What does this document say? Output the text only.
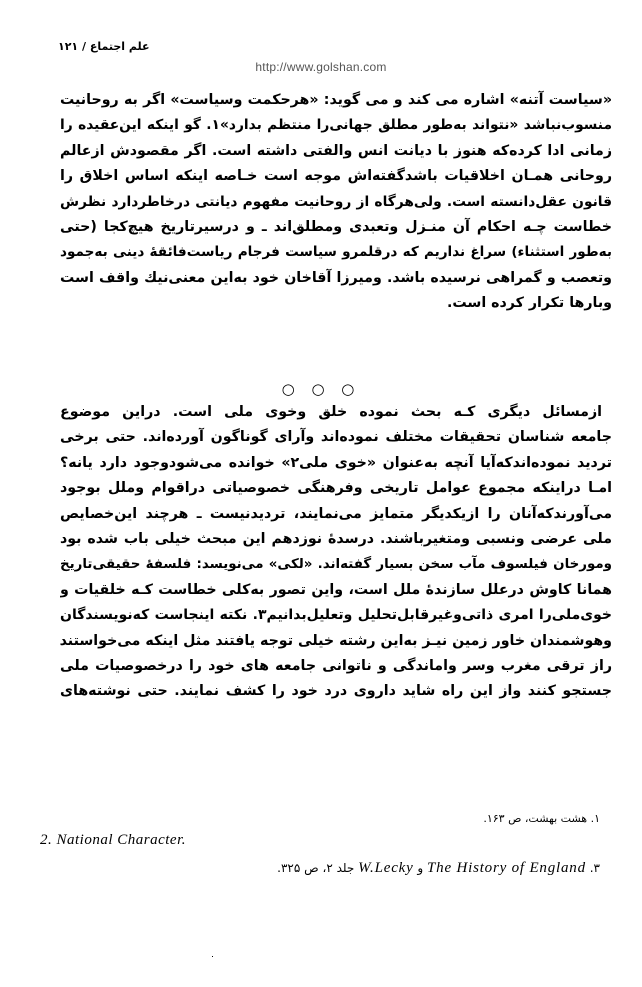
علم اجتماع / ۱۲۱
http://www.golshan.com
«سیاست آتنه» اشاره می کند و می گوید: «هرحکمت وسیاست» اگر به روحانیت
منسوب‌نباشد «نتواند به‌طور مطلق جهانی‌را منتظم بدارد»۱. گو اینکه این‌عقیده را
زمانی ادا کرده‌که هنوز با دیانت انس والفتی داشته است. اگر مقصودش ازعالم
روحانی همـان اخلاقیات باشدگفته‌اش موجه است خـاصه اینکه اساس اخلاق را
قانون عقل‌دانسته است. ولی‌هرگاه از روحانیت مفهوم دیانتی درخاطردارد نظرش
خطاست چـه احکام آن منـزل وتعبدی ومطلق‌اند ـ و درسیرتاریخ هیچ‌کجا (حتی
به‌طور استثناء) سراغ نداریم که درقلمرو سیاست فرجام ریاست‌فائقهٔ دینی به‌جمود
وتعصب و گمراهی نرسیده باشد. ومیرزا آقاخان خود به‌این معنی‌نیك واقف است
وبارها تکرار کرده است.
○ ○ ○
ازمسائل دیگری کـه بحث نموده خلق وخوی ملی است. دراین موضوع
جامعه شناسان تحقیقات مختلف نموده‌اند وآرای گوناگون آورده‌اند. حتی برخی
تردید نموده‌اندکه‌آیا آنچه به‌عنوان «خوی ملی۲» خوانده می‌شودوجود دارد یانه؟
امـا دراینکه مجموع عوامل تاریخی وفرهنگی خصوصیاتی دراقوام وملل بوجود
می‌آورندکه‌آنان را ازیکدیگر متمایز می‌نمایند، تردیدنیست ـ هرچند این‌خصایص
ملی عرضی ونسبی ومتغیرباشند. درسدهٔ نوزدهم این مبحث خیلی باب شده بود
ومورخان فیلسوف مآب سخن بسیار گفته‌اند. «لکی» می‌نویسد: فلسفهٔ حقیقی‌تاریخ
همانا کاوش درعلل سازندهٔ ملل است، واین تصور به‌کلی خطاست کـه خلقیات و
خوی‌ملی‌را امری ذاتی‌وغیرقابل‌تحلیل وتعلیل‌بدانیم۳. نکته اینجاست که‌نویسندگان
وهوشمندان خاور زمین نیـز به‌این رشته خیلی توجه یافتند مثل اینکه می‌خواستند
راز ترقی مغرب وسر واماندگی و ناتوانی جامعه های خود را درخصوصیات ملی
جستجو کنند واز این راه شاید داروی درد خود را کشف نمایند. حتی نوشته‌های
۱. هشت بهشت، ص ۱۶۳.
2. National Character.
۳. The History of England و W.Lecky جلد ۲، ص ۳۲۵.
